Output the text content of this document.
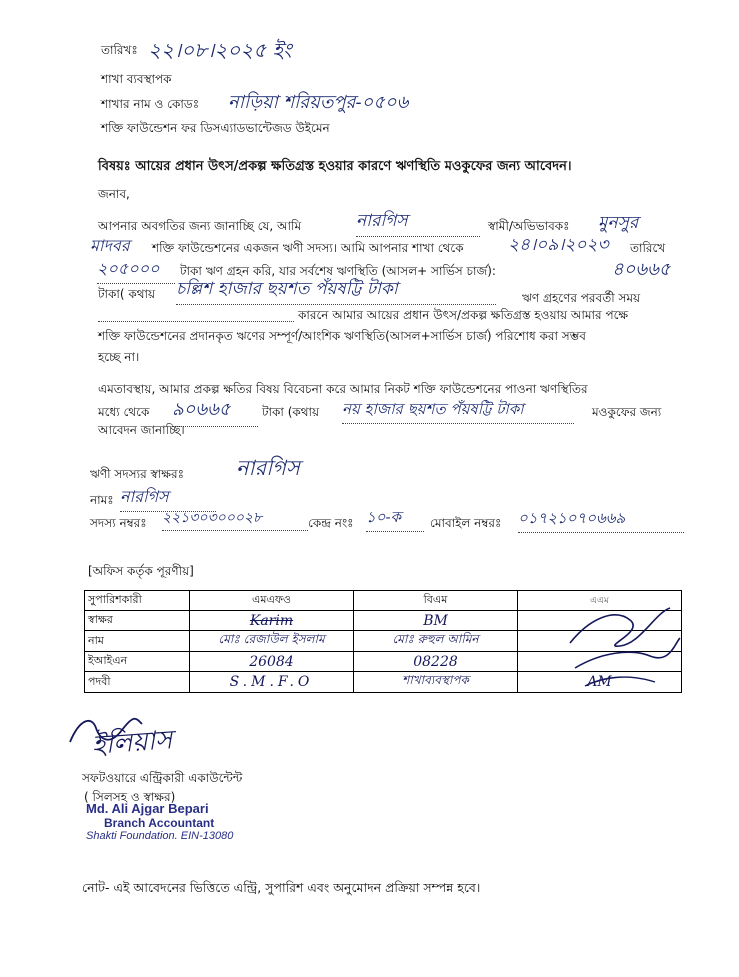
তারিখঃ ২২।০৮।২০২৫ ইং
শাখা ব্যবস্থাপক
শাখার নাম ও কোডঃ নাড়িয়া শরিয়তপুর-০৫০৬
শক্তি ফাউন্ডেশন ফর ডিসএ্যাডভান্টেজড উইমেন
বিষয়ঃ আয়ের প্রধান উৎস/প্রকল্প ক্ষতিগ্রস্ত হওয়ার কারণে ঋণস্থিতি মওকুফের জন্য আবেদন।
জনাব,
আপনার অবগতির জন্য জানাচ্ছি যে, আমি	নারগিস	স্বামী/অভিভাবকঃ মুনসুর
মাদবর শক্তি ফাউন্ডেশনের একজন ঋণী সদস্য। আমি আপনার শাখা থেকে	২৪।০৯।২০২৩ তারিখে
২০৫০০০	টাকা ঋণ গ্রহন করি, যার সর্বশেষ ঋণস্থিতি (আসল+ সার্ভিস চার্জ):	৪০৬৬৫
টাকা( কথায় চল্লিশ হাজার ছয়শত পঁয়ষট্টি টাকা	ঋণ গ্রহণের পরবর্তী সময়
কারনে আমার আয়ের প্রধান উৎস/প্রকল্প ক্ষতিগ্রস্ত হওয়ায় আমার পক্ষে
শক্তি ফাউন্ডেশনের প্রদানকৃত ঋণের সম্পূর্ণ/আংশিক ঋণস্থিতি(আসল+সার্ভিস চার্জ) পরিশোধ করা সম্ভব
হচ্ছে না।
এমতাবস্থায়, আমার প্রকল্প ক্ষতির বিষয় বিবেচনা করে আমার নিকট শক্তি ফাউন্ডেশনের পাওনা ঋণস্থিতির
মধ্যে থেকে ৯০৬৬৫	টাকা (কথায় নয় হাজার ছয়শত পঁয়ষট্টি টাকা	মওকুফের জন্য
আবেদন জানাচ্ছি।
ঋণী সদস্যর স্বাক্ষরঃ নারগিস
নামঃ নারগিস
সদস্য নম্বরঃ ২২১৩০৩০০০২৮	কেন্দ্র নংঃ ১০-ক	মোবাইল নম্বরঃ ০১৭২১০৭০৬৬৯
[অফিস কর্তৃক পূরণীয়]
সুপারিশকারী	এমএফও	বিএম	এএম
স্বাক্ষর	Karim	BM	
নাম	মোঃ রেজাউল ইসলাম	মোঃ রুহুল আমিন	
ইআইএন	26084	08228	
পদবী	S.M.F.O	শাখাব্যবস্থাপক	AM
ইলিয়াস
সফটওয়ারে এন্ট্রিকারী একাউন্টেন্ট
( সিলসহ ও স্বাক্ষর)
Md. Ali Ajgar Bepari
Branch Accountant
Shakti Foundation. EIN-13080
নোট- এই আবেদনের ভিত্তিতে এন্ট্রি, সুপারিশ এবং অনুমোদন প্রক্রিয়া সম্পন্ন হবে।
